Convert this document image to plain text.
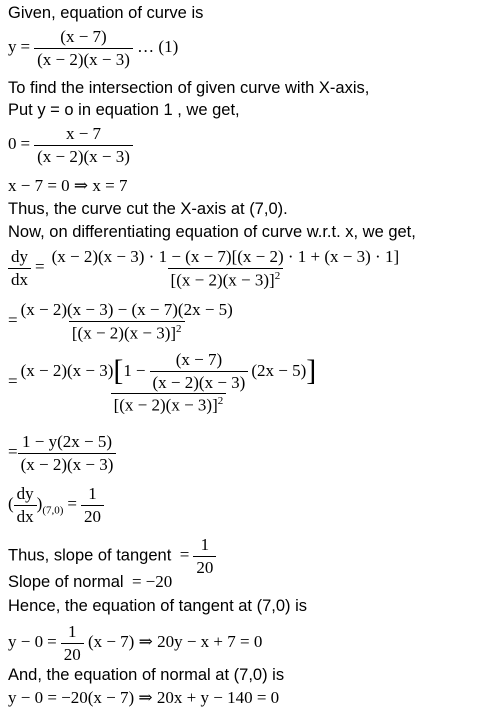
Given, equation of curve is
$y = \frac{(x - 7)}{(x - 2)(x - 3)}$ … (1)
To find the intersection of given curve with X-axis,
Put y = o in equation 1 , we get,
$0 = \frac{x - 7}{(x - 2)(x - 3)}$
x − 7 = 0 ⇒ x = 7
Thus, the curve cut the X-axis at (7,0).
Now, on differentiating equation of curve w.r.t. x, we get,
$\frac{dy}{dx} = \frac{(x - 2)(x - 3) \cdot 1 - (x - 7)[(x - 2) \cdot 1 + (x - 3) \cdot 1]}{[(x - 2)(x - 3)]^2}$
= $\frac{(x - 2)(x - 3) - (x - 7)(2x - 5)}{[(x - 2)(x - 3)]^2}$
=
(x − 2)(x − 3) [ $1 - \frac{(x - 7)}{(x - 2)(x - 3)} (2x - 5)$ ]
$[(x - 2)(x - 3)]^2$
= $\frac{1 - y(2x - 5)}{(x - 2)(x - 3)}$
( $\frac{dy}{dx} )_{(7,0)} = \frac{1}{20}$
Thus, slope of tangent = $\frac{1}{20}$
Slope of normal = −20
Hence, the equation of tangent at (7,0) is
$y - 0 = \frac{1}{20} (x - 7)$ ⇒ 20y − x + 7 = 0
And, the equation of normal at (7,0) is
y − 0 = −20(x − 7) ⇒ 20x + y − 140 = 0
